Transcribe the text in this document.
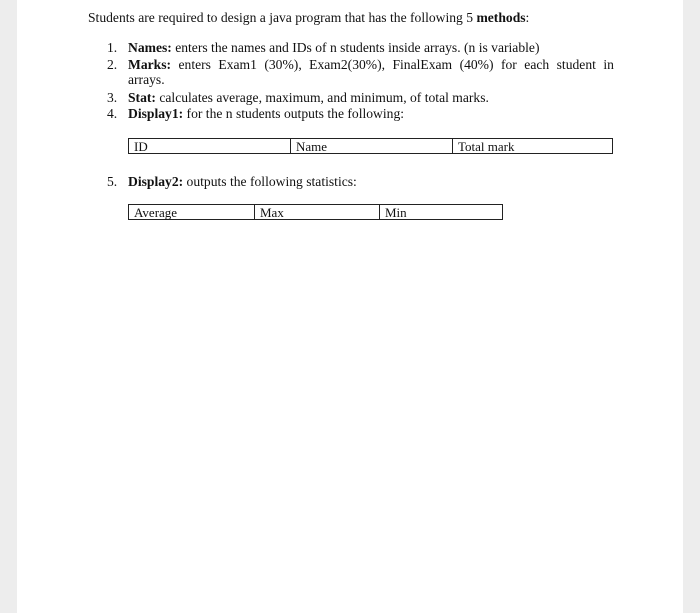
Students are required to design a java program that has the following 5 methods:
1. Names: enters the names and IDs of n students inside arrays. (n is variable)
2. Marks: enters Exam1 (30%), Exam2(30%), FinalExam (40%) for each student in
arrays.
3. Stat: calculates average, maximum, and minimum, of total marks.
4. Display1: for the n students outputs the following:
ID	Name	Total mark
5. Display2: outputs the following statistics:
Average	Max	Min
